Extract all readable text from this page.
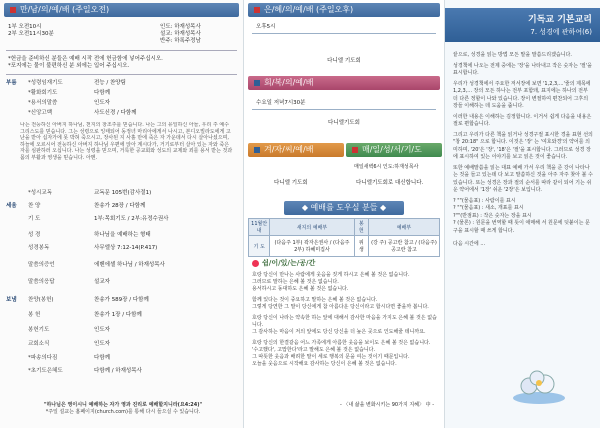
만/남/의/예/배 (주일오전)
1부 오전10시
2부 오전11시30분
인도: 하재성목사
설교: 하재성목사
반주: 하록주정남
*헌금을 준비하신 분들은 예배 시작 전에 헌금함에 넣어주십시오.
*포지에는 물이 불편하신 분 외에는 입어 주십시오.
부름 *성령임재기도	전능 / 찬양팀
*활화회기도	다함께
*용서의말씀	인도자
*신앙고백	사도신경 / 다함께
나는 전능하신 아버지 하나님, 천지의 창조주를 믿습니다. 나는 그의 유일하신 아들, 우리 주 예수 그리스도를 믿습니다. 그는 성령으로 잉태되어 동정녀 마리아에게서 나시고, 본디오빌라도에게 고난을 받아 십자가에 못 박혀 죽으시고, 장사된 지 사흘 만에 죽은 자 가운데서 다시 살아나셨으며, 하늘에 오르시어 전능하신 아버지 하나님 우편에 앉아 계시다가, 거기로부터 살아 있는 자와 죽은 자를 심판하러 오십니다. 나는 성령을 믿으며, 거룩한 공교회와 성도의 교제와 죄를 용서 받는 것과 몸의 부활과 영생을 믿습니다. 아멘.
*성시교독	교독문 105번(감사절1)
세움 찬 양	찬송가 28장 / 다함께
기 도	1부:목회기도 / 2부:유정수권사
성 경	하나님을 예배하는 형태
성경봉독	사무엘상 7:12-14(P.417)
말씀의증언	에벤에셀 하나님 / 하재성목사
말씀의응답	설교자
보냄 찬양(봉헌)	찬송가 589장 / 다함께
봉 헌	찬송가 1장 / 다함께
봉헌기도	인도자
교회소식	인도자
*파송의다짐	다함께
*초기도은혜도	다함께 / 하재성목사
"하나님은 영이시니 예배하는 자가 영과 진리로 예배할지니라(요4:24)"
*주일 설교는 홈페이지(church.com)를 통해 다시 들으실 수 있습니다.
은/혜/의/예/배 (주일오후)
오후5시
다니엘 기도회
회/복/의/예/배
수요일 저녁7시30분
다니엘기도회
겨/자/씨/예/배	매/일/성/서/기/도
매일새벽6시 인도:하재성목사
다니엘 기도회	다니엘기도회로 대신합니다.
◆ 예배를 도우실 분들 ◆
11월안내	새지의 예배부	봉 헌	예배부
기 도	(다음주 1부) 곽자은권사 / (다음주 2부) 하혜미집사	위 생	(강 주) 공고란 참고 / (다음주) 공고란 참고
쉼/이/있/는/공/간
호랑 당신이 만나는 사람에게 웃음을 짓게 하시고 은혜 볼 것은 없습니다.
그러므로 말하는 은혜 볼 것은 없습니다.
용서하시고 동대하도 은혜 볼 것은 없습니다.
함께 있다는 것이 중요하고 말하는 은혜 볼 것은 없습니다.
그렇게 당연한 그 말이 당신에게 참 아름다운 당신이라고 합시다면 좋을까 봅니다.
호랑 당신이 나라는 약속한 하는 앞에 대해서 감사한 마음을 가지도 은혜 볼 것은 없습니다.
그 감사하는 마음이 저의 앞에도 당신 당신을 더 높은 곳으로 인도해줄 테니까요.
호랑 당신의 한결같음 어느 가족에게 아름한 웃음을 보이도 은혜 볼 것은 없습니다.
'수고했다', 고맙한다'라고 말해도 은혜 볼 것은 없습니다.
그 따뜻한 웃음과 배려한 말이 세로 행복의 문을 여는 것이기 때문입니다.
오늘을 웃음으로 시작해요 감사하는 당신이 은혜 볼 것은 없습니다.
- 〈내 삶을 변화시키는 90가지 지혜〉 中 -
기독교 기본교리
7. 성경에 관하여(6)
끝으로, 성경을 읽는 방법 모든 말을 말씀드리겠습니다.
성경책에 나오는 전제 중에는 '장'을 나타내고 작은 숫자는 '절'을 표시합니다.
우리가 성경책에서 주요한 저서장에 보면 '1,2,3,...'줄의 제목에 1,2,3,... 장의 모든 하나는 전부 포함돼, 표지에는 하나의 전부 더 다른 정할이 나와 있습니다. 장이 변절하여 편찬되어 그후의 장들 이해하는 데 도움을 줍니다.
이러한 내용은 이해하는 김정합니다. 이거서 쉽게 다음을 내용은 절로 편합습니다.
그리고 우리가 다른 책을 읽거나 성경구절 표시한 경을 표현 선의 "창 20:18" 으로 합니다. 이것은 '장' 는 '여호와경'의 약어를 의미하며, '20'은 '장', '18'은 '절'을 표시합니다. 그러므로 성경 장에 표시하여 있는 이야기를 보고 읽은 것이 좋습니다.
또한 예배말씀을 읽는 대표 예배 가서 우리 책을 준 강이 나타나는 것을 들고 있는데 다 보고 말씀하신 것을 아주 자주 찾아 볼 수 있습니다. 또는 성경은 장과 절의 순서를 따라 같이 되어 기는 쉬운 약어에서 '1장' 쉬운 '2장'은 보입니다.
? ""(물음표) : 사람이를 표시
? ""(물음표) : 새소, 개표를 표시
?""(반점표) : 작은 숫자는 장을 표시
? (물론) : 원문을 번역할 때 뜻이 애매해 서 원문에 덧붙이는 문구을 표시할 때 쓰게 합니다.
다음 시간에 ...
